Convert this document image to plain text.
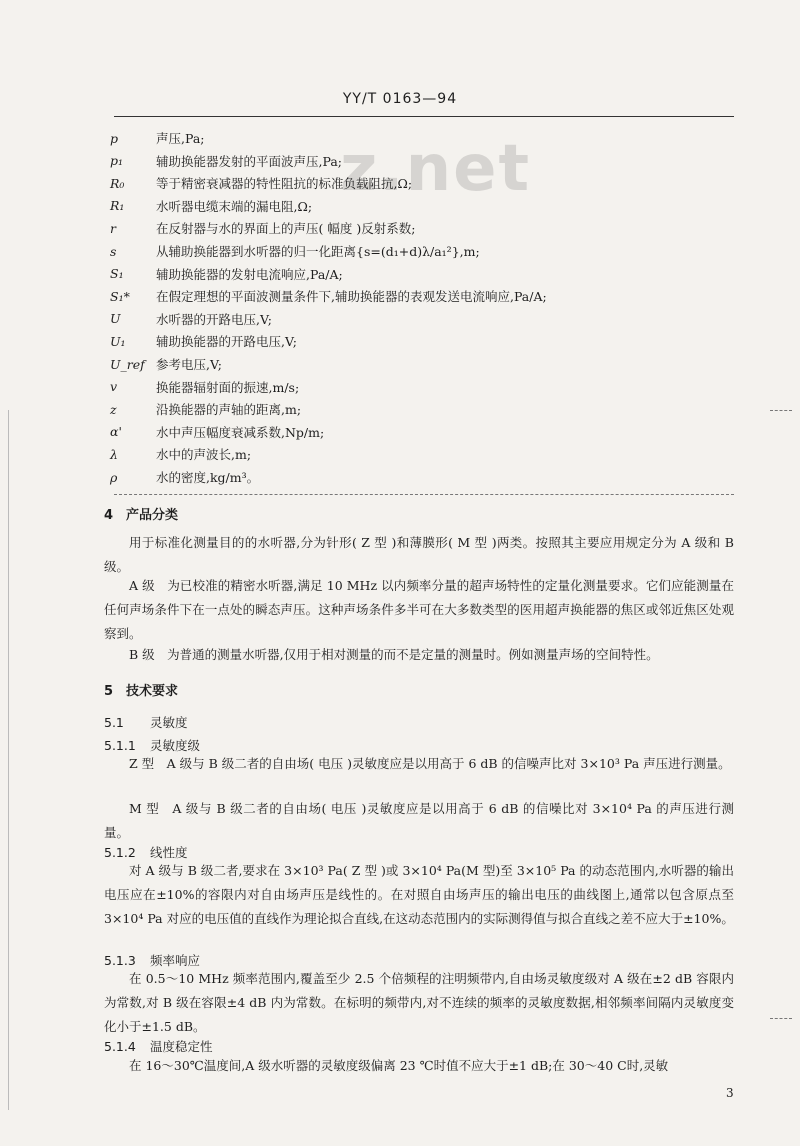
YY/T 0163—94
z.net
p	声压,Pa;
p₁	辅助换能器发射的平面波声压,Pa;
R₀	等于精密衰减器的特性阻抗的标准负载阻抗,Ω;
R₁	水听器电缆末端的漏电阻,Ω;
r	在反射器与水的界面上的声压( 幅度 )反射系数;
s	从辅助换能器到水听器的归一化距离{s=(d₁+d)λ/a₁²},m;
S₁	辅助换能器的发射电流响应,Pa/A;
S₁*	在假定理想的平面波测量条件下,辅助换能器的表观发送电流响应,Pa/A;
U	水听器的开路电压,V;
U₁	辅助换能器的开路电压,V;
U_ref 参考电压,V;
v	换能器辐射面的振速,m/s;
z	沿换能器的声轴的距离,m;
α'	水中声压幅度衰减系数,Np/m;
λ	水中的声波长,m;
ρ	水的密度,kg/m³。
4　产品分类
用于标准化测量目的的水听器,分为针形( Z 型 )和薄膜形( M 型 )两类。按照其主要应用规定分为 A 级和 B 级。
A 级　为已校准的精密水听器,满足 10 MHz 以内频率分量的超声场特性的定量化测量要求。它们应能测量在任何声场条件下在一点处的瞬态声压。这种声场条件多半可在大多数类型的医用超声换能器的焦区或邻近焦区处观察到。
B 级　为普通的测量水听器,仅用于相对测量的而不是定量的测量时。例如测量声场的空间特性。
5　技术要求
5.1 灵敏度
5.1.1 灵敏度级
Z 型　A 级与 B 级二者的自由场( 电压 )灵敏度应是以用高于 6 dB 的信噪声比对 3×10³ Pa 声压进行测量。
M 型　A 级与 B 级二者的自由场( 电压 )灵敏度应是以用高于 6 dB 的信噪比对 3×10⁴ Pa 的声压进行测量。
5.1.2 线性度
对 A 级与 B 级二者,要求在 3×10³ Pa( Z 型 )或 3×10⁴ Pa(M 型)至 3×10⁵ Pa 的动态范围内,水听器的输出电压应在±10%的容限内对自由场声压是线性的。在对照自由场声压的输出电压的曲线图上,通常以包含原点至 3×10⁴ Pa 对应的电压值的直线作为理论拟合直线,在这动态范围内的实际测得值与拟合直线之差不应大于±10%。
5.1.3 频率响应
在 0.5～10 MHz 频率范围内,覆盖至少 2.5 个倍频程的注明频带内,自由场灵敏度级对 A 级在±2 dB 容限内为常数,对 B 级在容限±4 dB 内为常数。在标明的频带内,对不连续的频率的灵敏度数据,相邻频率间隔内灵敏度变化小于±1.5 dB。
5.1.4 温度稳定性
在 16～30℃温度间,A 级水听器的灵敏度级偏离 23 ℃时值不应大于±1 dB;在 30～40 C时,灵敏
3
